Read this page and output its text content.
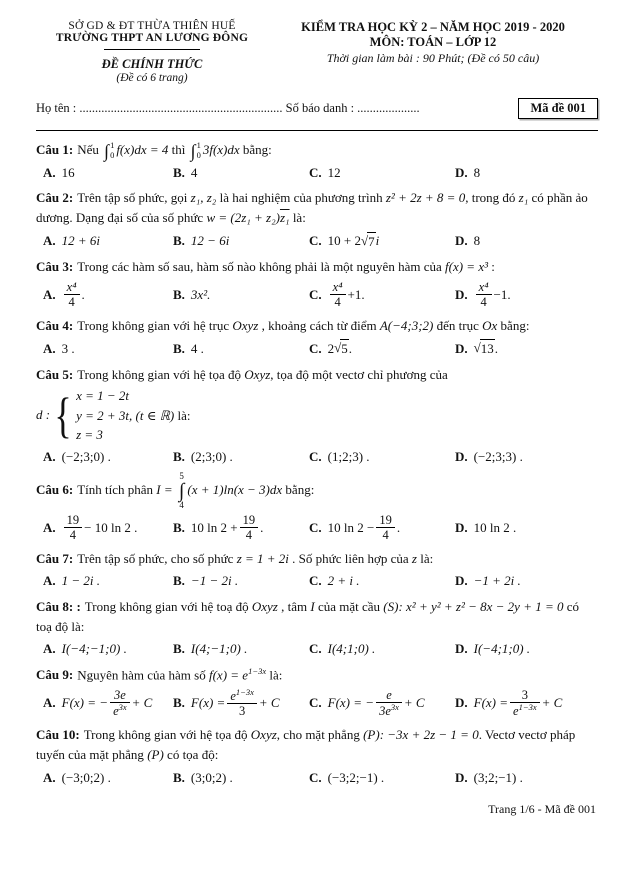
SỞ GD & ĐT THỪA THIÊN HUẾ
TRƯỜNG THPT AN LƯƠNG ĐÔNG
ĐỀ CHÍNH THỨC
(Đề có 6 trang)
KIỂM TRA HỌC KỲ 2 – NĂM HỌC 2019 - 2020
MÔN: TOÁN – LỚP 12
Thời gian làm bài : 90 Phút; (Đề có 50 câu)
Họ tên : .................................................................
Số báo danh : ....................	Mã đề 001
Câu 1: Nếu ∫ 1
0 f(x)dx = 4 thì ∫ 1
0 3f(x)dx bằng:
A. 16	B. 4	C. 12	D. 8
Câu 2: Trên tập số phức, gọi z₁, z₂ là hai nghiệm của phương trình z² + 2z + 8 = 0, trong đó z₁ có phần ảo dương. Dạng đại số của số phức w = (2z₁ + z₂)z₁ là:
A. 12 + 6i	B. 12 − 6i	C. 10 + 2 √ 7 i	D. 8
Câu 3: Trong các hàm số sau, hàm số nào không phải là một nguyên hàm của f(x) = x³ :
A. $\frac{\text{x⁴}}{4}$ .	B. 3x².	C. $\frac{\text{x⁴}}{4} +1$.	D. $\frac{\text{x⁴}}{4} -1$.
Câu 4: Trong không gian với hệ trục Oxyz , khoảng cách từ điểm A(−4;3;2) đến trục Ox bằng:
A. 3 .	B. 4 .	C. 2 √ 5 .	D. √ 13 .
Câu 5: Trong không gian với hệ tọa độ Oxyz, tọa độ một vectơ chỉ phương của
d : { x = 1 − 2t
y = 2 + 3t, (t ∈ ℝ) là:
z = 3
A. (−2;3;0) .	B. (2;3;0) .	C. (1;2;3) .	D. (−2;3;3) .
Câu 6: Tính tích phân I =
5
∫
4
(x + 1)ln(x − 3)dx bằng:
A. $\frac{19}{4} - 10$ ln 2 .	B. 10 $\ln 2 + \frac{19}{4}$ .	C. 10 $\ln 2 - \frac{19}{4}$ .	D. 10 ln 2 .
Câu 7: Trên tập số phức, cho số phức z = 1 + 2i . Số phức liên hợp của z là:
A. 1 − 2i .	B. −1 − 2i .	C. 2 + i .	D. −1 + 2i .
Câu 8: : Trong không gian với hệ toạ độ Oxyz , tâm I của mặt cầu (S): x² + y² + z² − 8x − 2y + 1 = 0 có toạ độ là:
A. I(−4;−1;0) .	B. I(4;−1;0) .	C. I(4;1;0) .	D. I(−4;1;0) .
Câu 9: Nguyên hàm của hàm số $f(x) = e^{1-3x}$ là:
A. F(x) = − $\frac{3e}{e^{3x}} + C$ B. $F(x) = \frac{e^{1-3x}}{3} + C$ C. F(x) = − $\frac{e}{3e^{3x}} + C$ D. $F(x) = \frac{3}{e^{1-3x}} + C$
Câu 10: Trong không gian với hệ tọa độ Oxyz, cho mặt phẳng (P): −3x + 2z − 1 = 0. Vectơ vectơ pháp tuyến của mặt phẳng (P) có tọa độ:
A. (−3;0;2) .	B. (3;0;2) .	C. (−3;2;−1) .	D. (3;2;−1) .
Trang 1/6 - Mã đề 001
